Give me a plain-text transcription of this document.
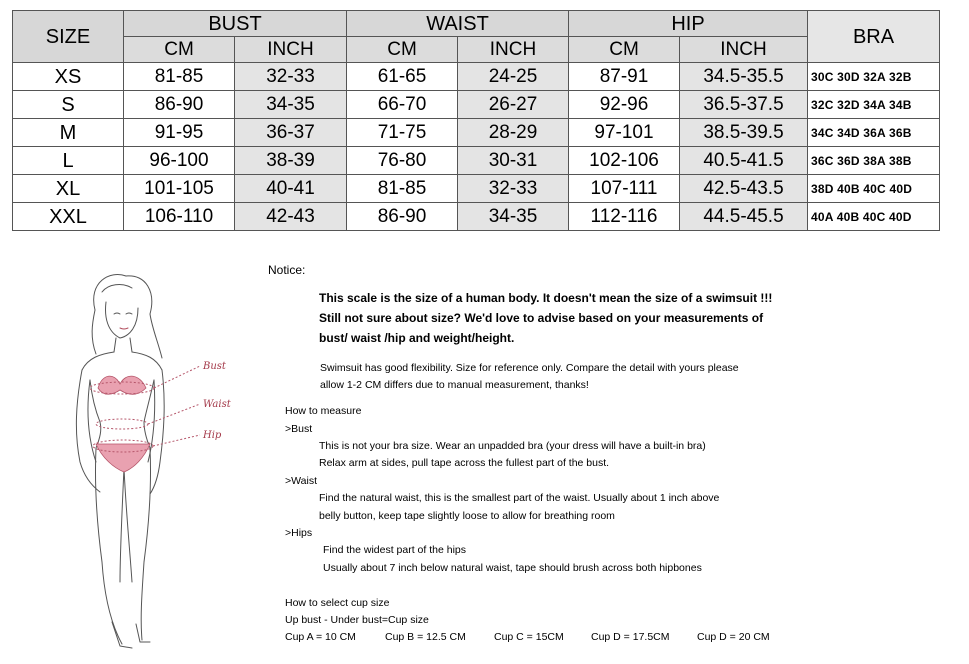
SIZE	BUST		WAIST		HIP		BRA
	CM	INCH	CM	INCH	CM	INCH	
XS	81-85	32-33	61-65	24-25	87-91	34.5-35.5	30C 30D 32A 32B
S	86-90	34-35	66-70	26-27	92-96	36.5-37.5	32C 32D 34A 34B
M	91-95	36-37	71-75	28-29	97-101	38.5-39.5	34C 34D 36A 36B
L	96-100	38-39	76-80	30-31	102-106	40.5-41.5	36C 36D 38A 38B
XL	101-105	40-41	81-85	32-33	107-111	42.5-43.5	38D 40B 40C 40D
XXL	106-110	42-43	86-90	34-35	112-116	44.5-45.5	40A 40B 40C 40D
Bust
Waist
Hip
Notice:
This scale is the size of a human body. It doesn't mean the size of a swimsuit !!!
Still not sure about size? We'd love to advise based on your measurements of
bust/ waist /hip and weight/height.
Swimsuit has good flexibility. Size for reference only. Compare the detail with yours please
allow 1-2 CM differs due to manual measurement, thanks!
How to measure
>Bust
This is not your bra size. Wear an unpadded bra (your dress will have a built-in bra)
Relax arm at sides, pull tape across the fullest part of the bust.
>Waist
Find the natural waist, this is the smallest part of the waist. Usually about 1 inch above
belly button, keep tape slightly loose to allow for breathing room
>Hips
Find the widest part of the hips
Usually about 7 inch below natural waist, tape should brush across both hipbones
How to select cup size
Up bust - Under bust=Cup size
Cup A = 10 CM	Cup B = 12.5 CM	Cup C = 15CM	Cup D = 17.5CM	Cup D = 20 CM
